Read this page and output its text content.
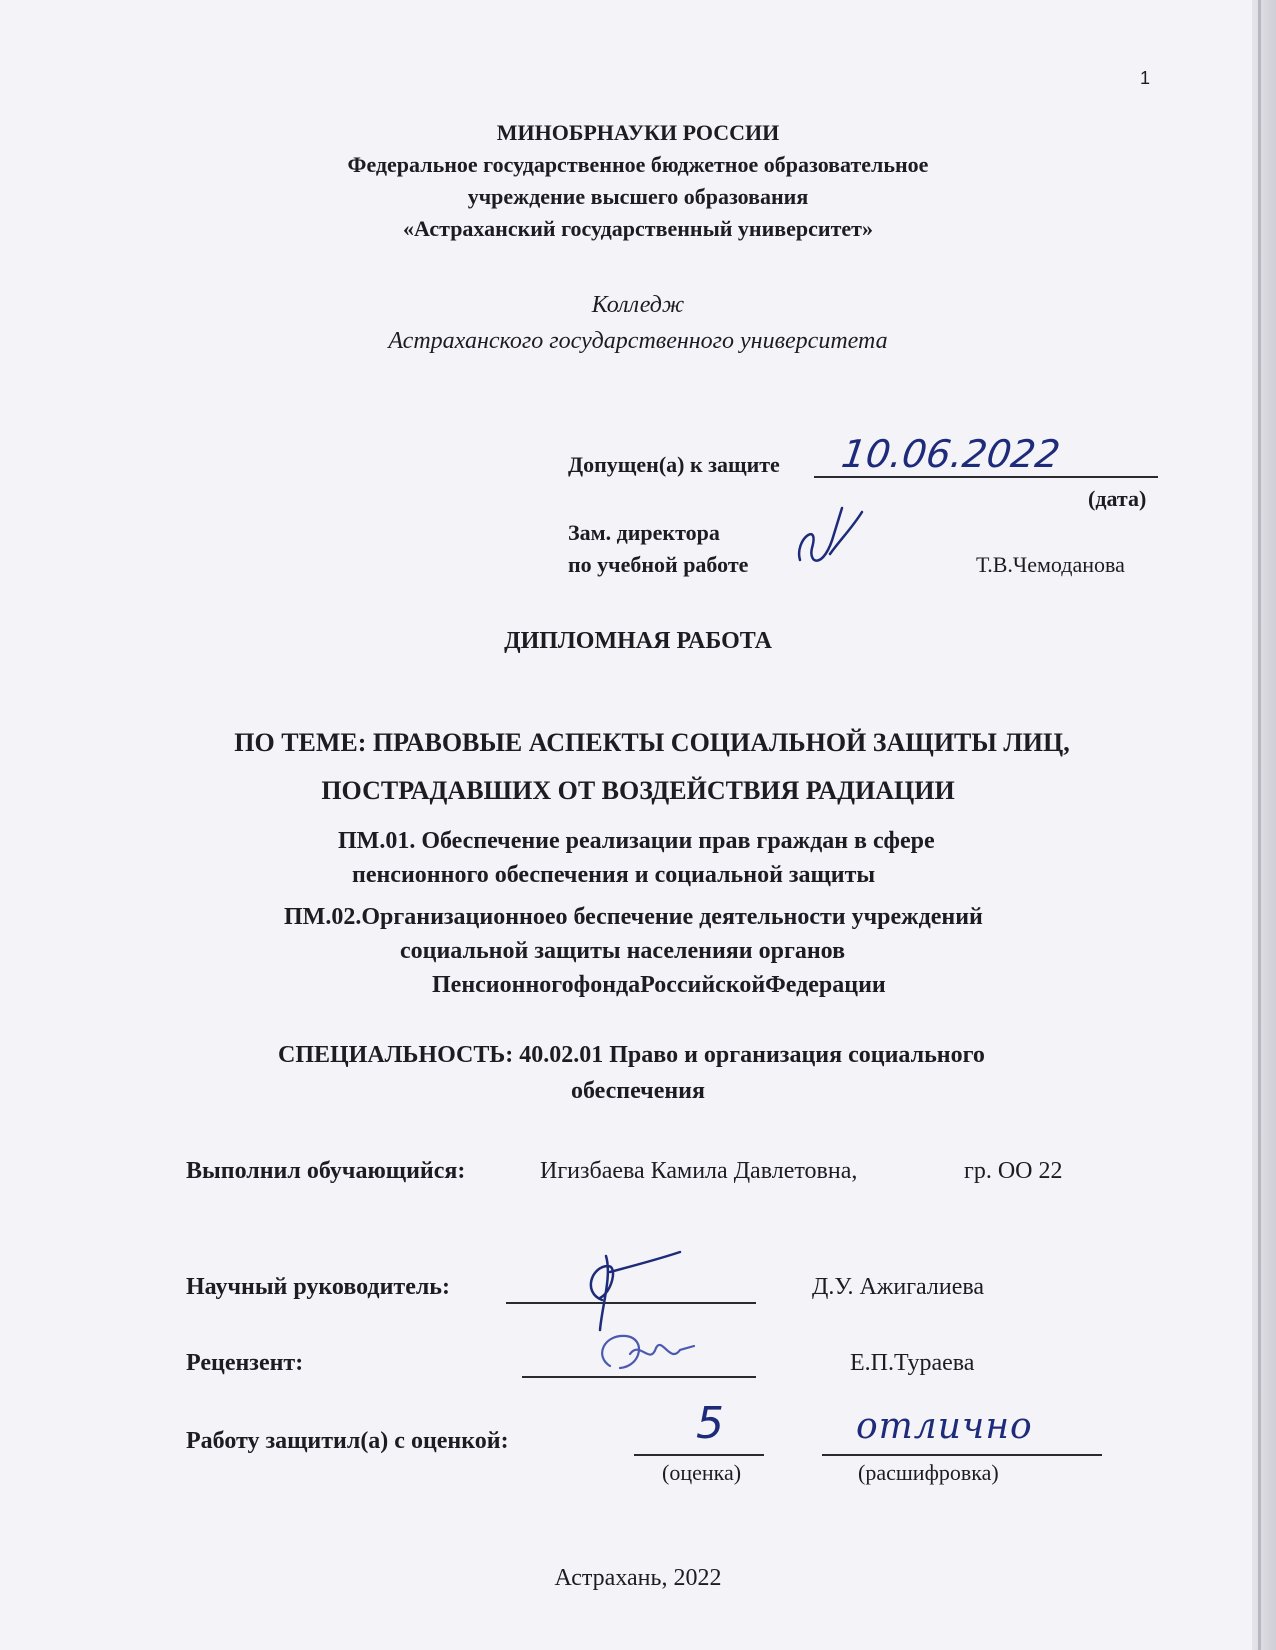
1
МИНОБРНАУКИ РОССИИ
Федеральное государственное бюджетное образовательное
учреждение высшего образования
«Астраханский государственный университет»
Колледж
Астраханского государственного университета
Допущен(а) к защите 10.06.2022
(дата)
Зам. директора
по учебной работе	Т.В.Чемоданова
ДИПЛОМНАЯ РАБОТА
ПО ТЕМЕ: ПРАВОВЫЕ АСПЕКТЫ СОЦИАЛЬНОЙ ЗАЩИТЫ ЛИЦ,
ПОСТРАДАВШИХ ОТ ВОЗДЕЙСТВИЯ РАДИАЦИИ
ПМ.01. Обеспечение реализации прав граждан в сфере
пенсионного обеспечения и социальной защиты
ПМ.02.Организационноео беспечение деятельности учреждений
социальной защиты населенияи органов
ПенсионногофондаРоссийскойФедерации
СПЕЦИАЛЬНОСТЬ: 40.02.01 Право и организация социального
обеспечения
Выполнил обучающийся:	Игизбаева Камила Давлетовна,	гр. ОО 22
Научный руководитель:	Д.У. Ажигалиева
Рецензент:	Е.П.Тураева
Работу защитил(а) с оценкой:	5	отлично
(оценка)	(расшифровка)
Астрахань, 2022
